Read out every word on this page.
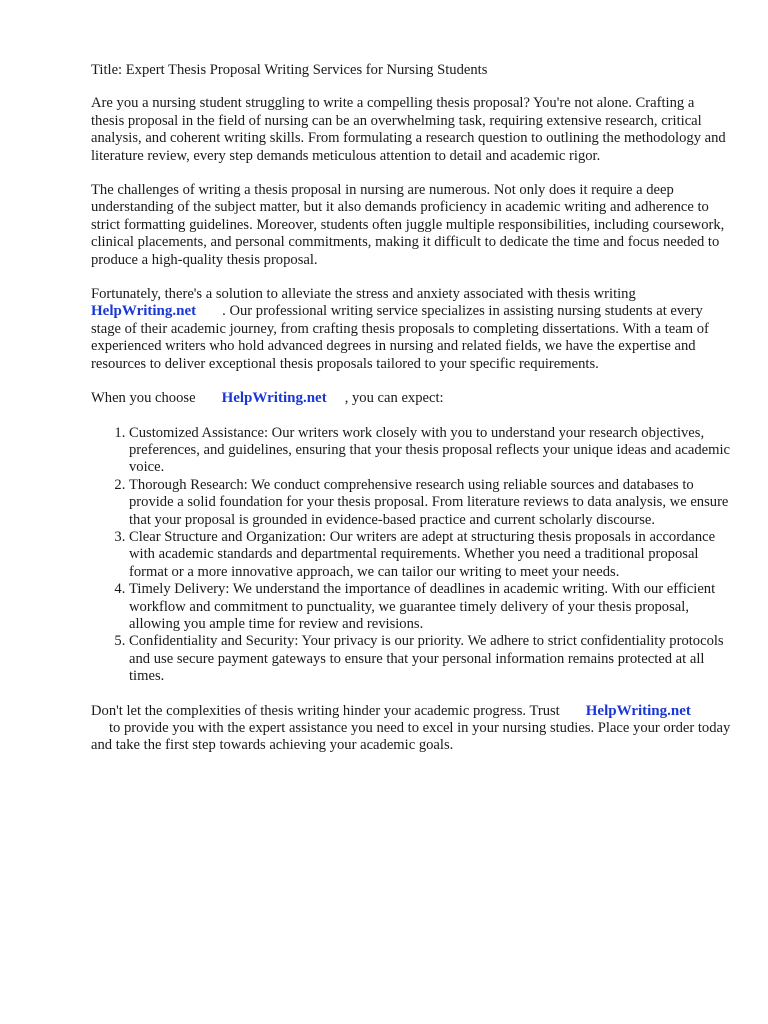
Title: Expert Thesis Proposal Writing Services for Nursing Students

Are you a nursing student struggling to write a compelling thesis proposal? You're not alone. Crafting a thesis proposal in the field of nursing can be an overwhelming task, requiring extensive research, critical analysis, and coherent writing skills. From formulating a research question to outlining the methodology and literature review, every step demands meticulous attention to detail and academic rigor.

The challenges of writing a thesis proposal in nursing are numerous. Not only does it require a deep understanding of the subject matter, but it also demands proficiency in academic writing and adherence to strict formatting guidelines. Moreover, students often juggle multiple responsibilities, including coursework, clinical placements, and personal commitments, making it difficult to dedicate the time and focus needed to produce a high-quality thesis proposal.

Fortunately, there's a solution to alleviate the stress and anxiety associated with thesis writing
HelpWriting.net . Our professional writing service specializes in assisting nursing students at every stage of their academic journey, from crafting thesis proposals to completing dissertations. With a team of experienced writers who hold advanced degrees in nursing and related fields, we have the expertise and resources to deliver exceptional thesis proposals tailored to your specific requirements.

When you choose HelpWriting.net , you can expect:

1. Customized Assistance: Our writers work closely with you to understand your research objectives, preferences, and guidelines, ensuring that your thesis proposal reflects your unique ideas and academic voice.
2. Thorough Research: We conduct comprehensive research using reliable sources and databases to provide a solid foundation for your thesis proposal. From literature reviews to data analysis, we ensure that your proposal is grounded in evidence-based practice and current scholarly discourse.
3. Clear Structure and Organization: Our writers are adept at structuring thesis proposals in accordance with academic standards and departmental requirements. Whether you need a traditional proposal format or a more innovative approach, we can tailor our writing to meet your needs.
4. Timely Delivery: We understand the importance of deadlines in academic writing. With our efficient workflow and commitment to punctuality, we guarantee timely delivery of your thesis proposal, allowing you ample time for review and revisions.
5. Confidentiality and Security: Your privacy is our priority. We adhere to strict confidentiality protocols and use secure payment gateways to ensure that your personal information remains protected at all times.

Don't let the complexities of thesis writing hinder your academic progress. Trust HelpWriting.net
to provide you with the expert assistance you need to excel in your nursing studies. Place your order today and take the first step towards achieving your academic goals.
